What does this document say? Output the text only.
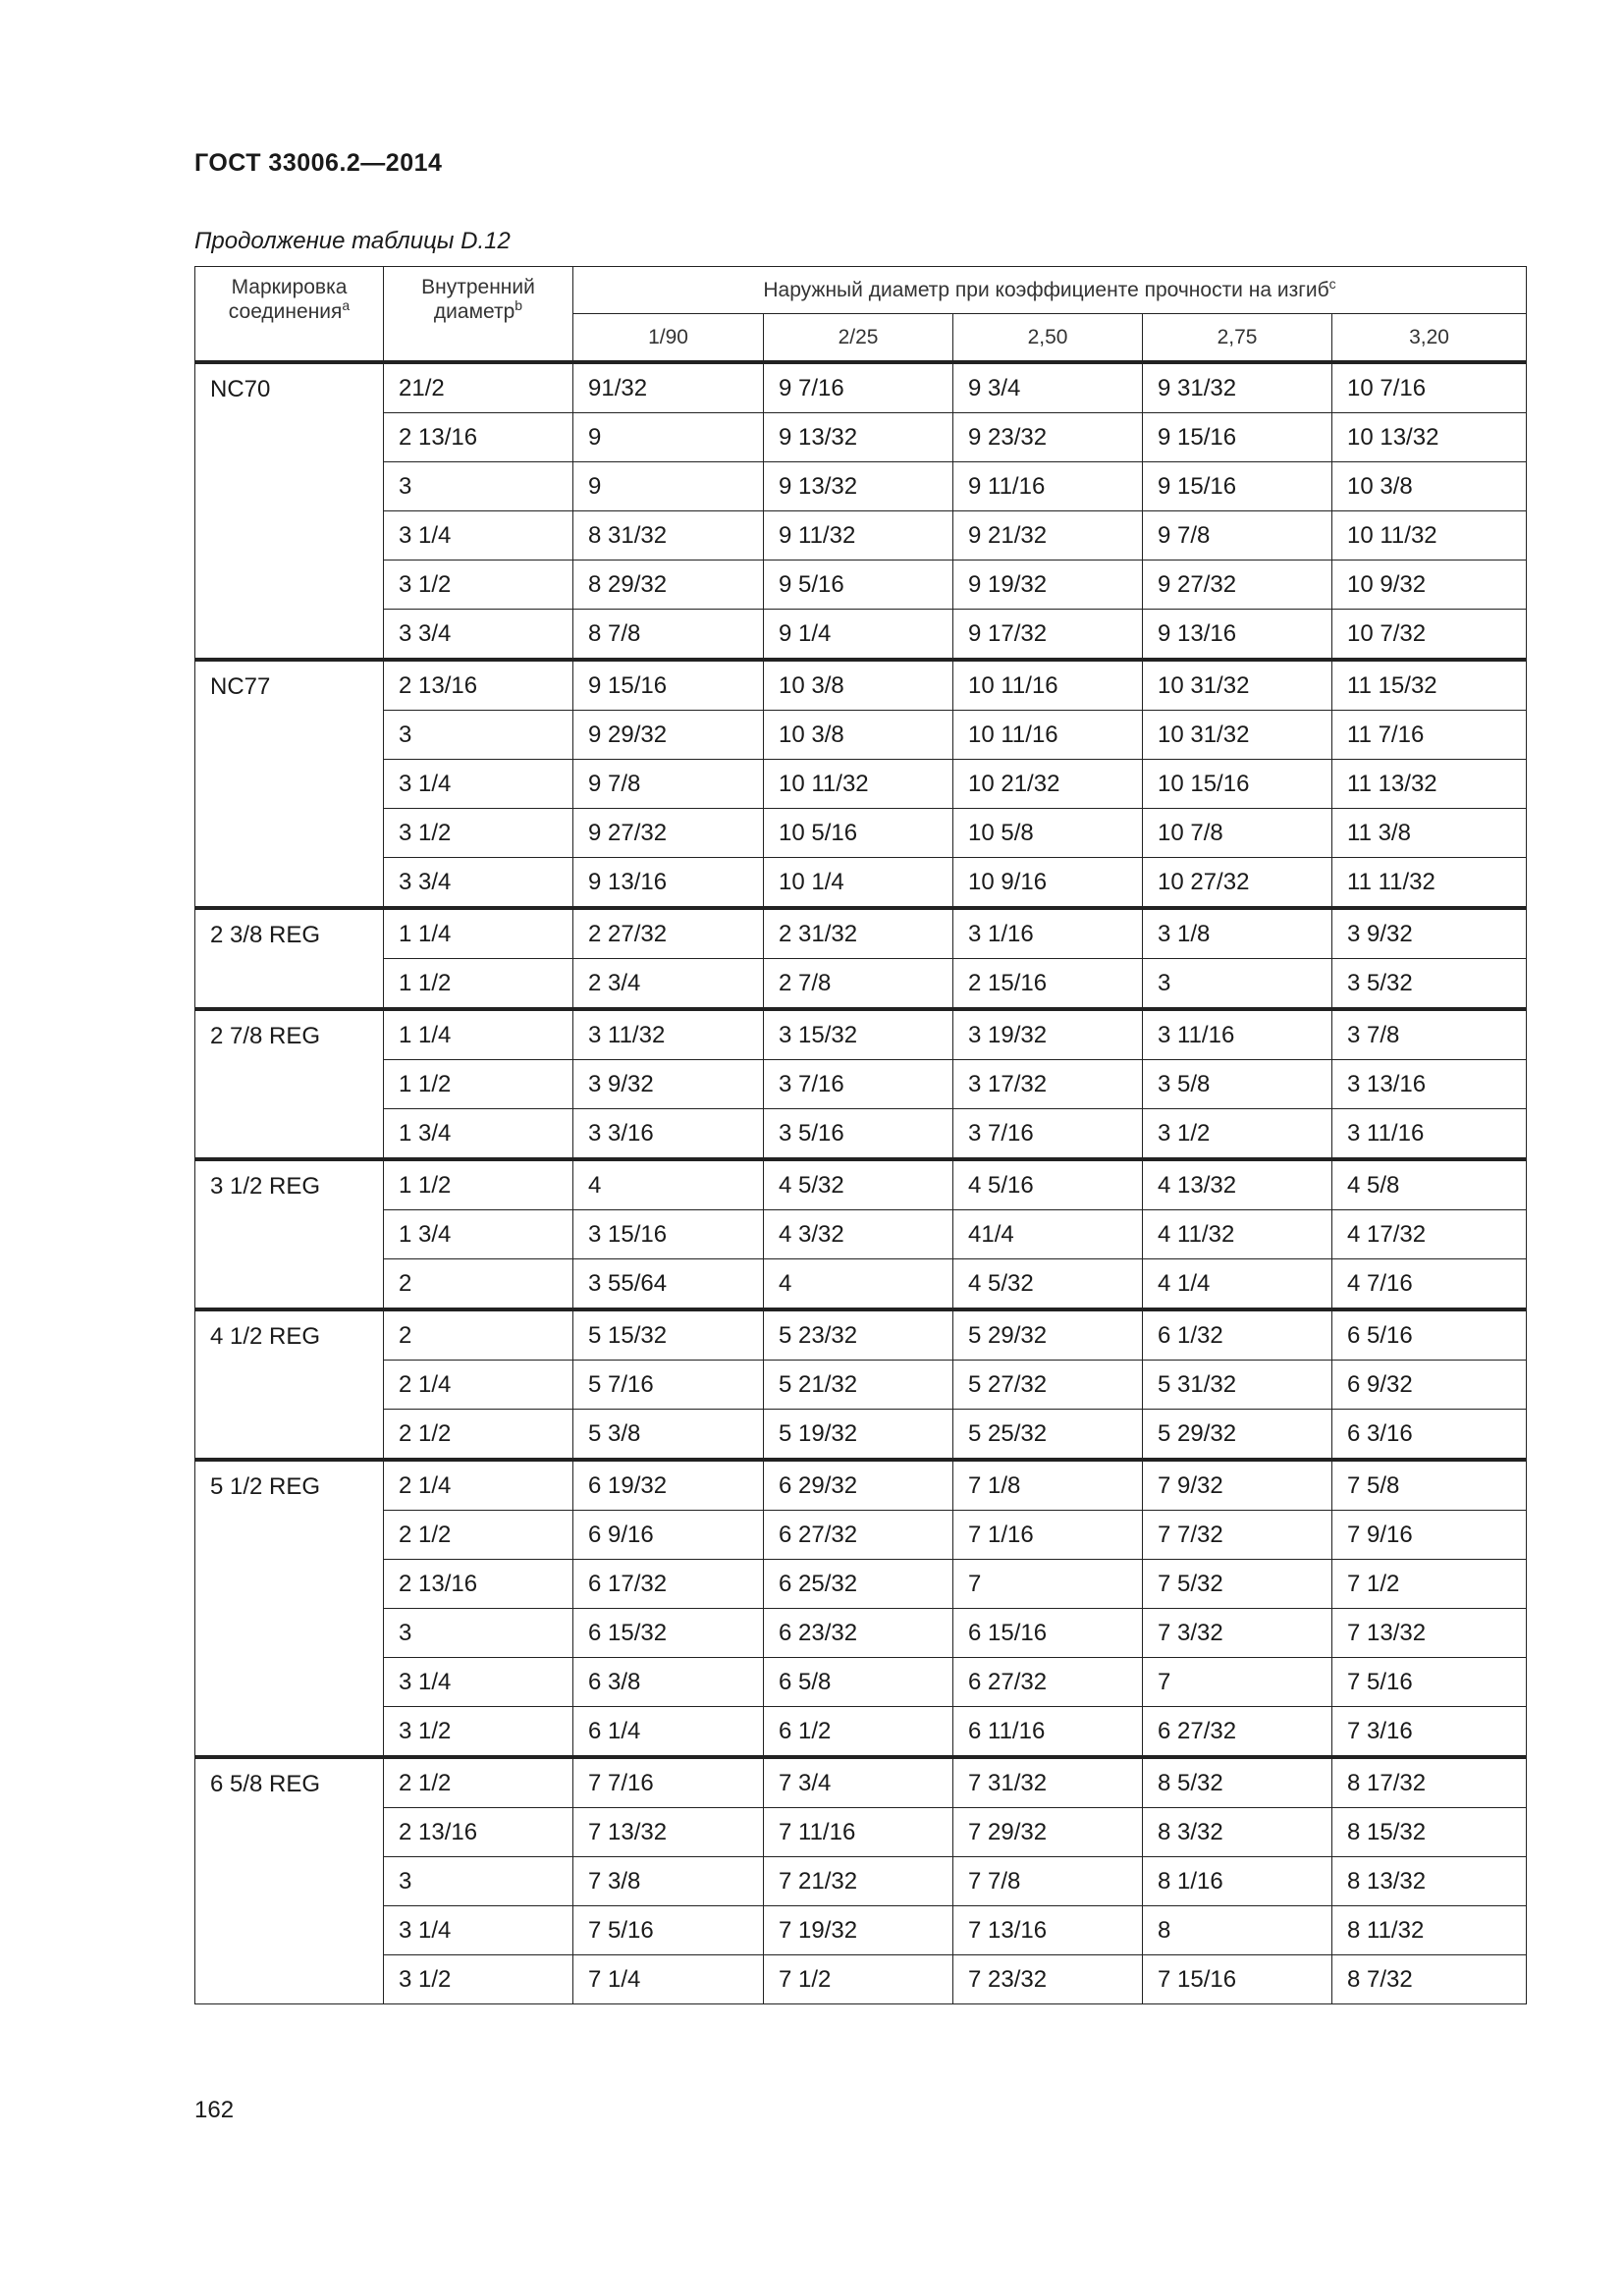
ГОСТ 33006.2—2014
Продолжение таблицы D.12
Маркировка соединения$^a$	Внутренний диаметр$^b$	Наружный диаметр при коэффициенте прочности на изгиб$^c$
		1/90	2/25	2,50	2,75	3,20
NC70	21/2	91/32	9 7/16	9 3/4	9 31/32	10 7/16
	2 13/16	9	9 13/32	9 23/32	9 15/16	10 13/32
	3	9	9 13/32	9 11/16	9 15/16	10 3/8
	3 1/4	8 31/32	9 11/32	9 21/32	9 7/8	10 11/32
	3 1/2	8 29/32	9 5/16	9 19/32	9 27/32	10 9/32
	3 3/4	8 7/8	9 1/4	9 17/32	9 13/16	10 7/32
NC77	2 13/16	9 15/16	10 3/8	10 11/16	10 31/32	11 15/32
	3	9 29/32	10 3/8	10 11/16	10 31/32	11 7/16
	3 1/4	9 7/8	10 11/32	10 21/32	10 15/16	11 13/32
	3 1/2	9 27/32	10 5/16	10 5/8	10 7/8	11 3/8
	3 3/4	9 13/16	10 1/4	10 9/16	10 27/32	11 11/32
2 3/8 REG	1 1/4	2 27/32	2 31/32	3 1/16	3 1/8	3 9/32
	1 1/2	2 3/4	2 7/8	2 15/16	3	3 5/32
2 7/8 REG	1 1/4	3 11/32	3 15/32	3 19/32	3 11/16	3 7/8
	1 1/2	3 9/32	3 7/16	3 17/32	3 5/8	3 13/16
	1 3/4	3 3/16	3 5/16	3 7/16	3 1/2	3 11/16
3 1/2 REG	1 1/2	4	4 5/32	4 5/16	4 13/32	4 5/8
	1 3/4	3 15/16	4 3/32	41/4	4 11/32	4 17/32
	2	3 55/64	4	4 5/32	4 1/4	4 7/16
4 1/2 REG	2	5 15/32	5 23/32	5 29/32	6 1/32	6 5/16
	2 1/4	5 7/16	5 21/32	5 27/32	5 31/32	6 9/32
	2 1/2	5 3/8	5 19/32	5 25/32	5 29/32	6 3/16
5 1/2 REG	2 1/4	6 19/32	6 29/32	7 1/8	7 9/32	7 5/8
	2 1/2	6 9/16	6 27/32	7 1/16	7 7/32	7 9/16
	2 13/16	6 17/32	6 25/32	7	7 5/32	7 1/2
	3	6 15/32	6 23/32	6 15/16	7 3/32	7 13/32
	3 1/4	6 3/8	6 5/8	6 27/32	7	7 5/16
	3 1/2	6 1/4	6 1/2	6 11/16	6 27/32	7 3/16
6 5/8 REG	2 1/2	7 7/16	7 3/4	7 31/32	8 5/32	8 17/32
	2 13/16	7 13/32	7 11/16	7 29/32	8 3/32	8 15/32
	3	7 3/8	7 21/32	7 7/8	8 1/16	8 13/32
	3 1/4	7 5/16	7 19/32	7 13/16	8	8 11/32
	3 1/2	7 1/4	7 1/2	7 23/32	7 15/16	8 7/32
162
